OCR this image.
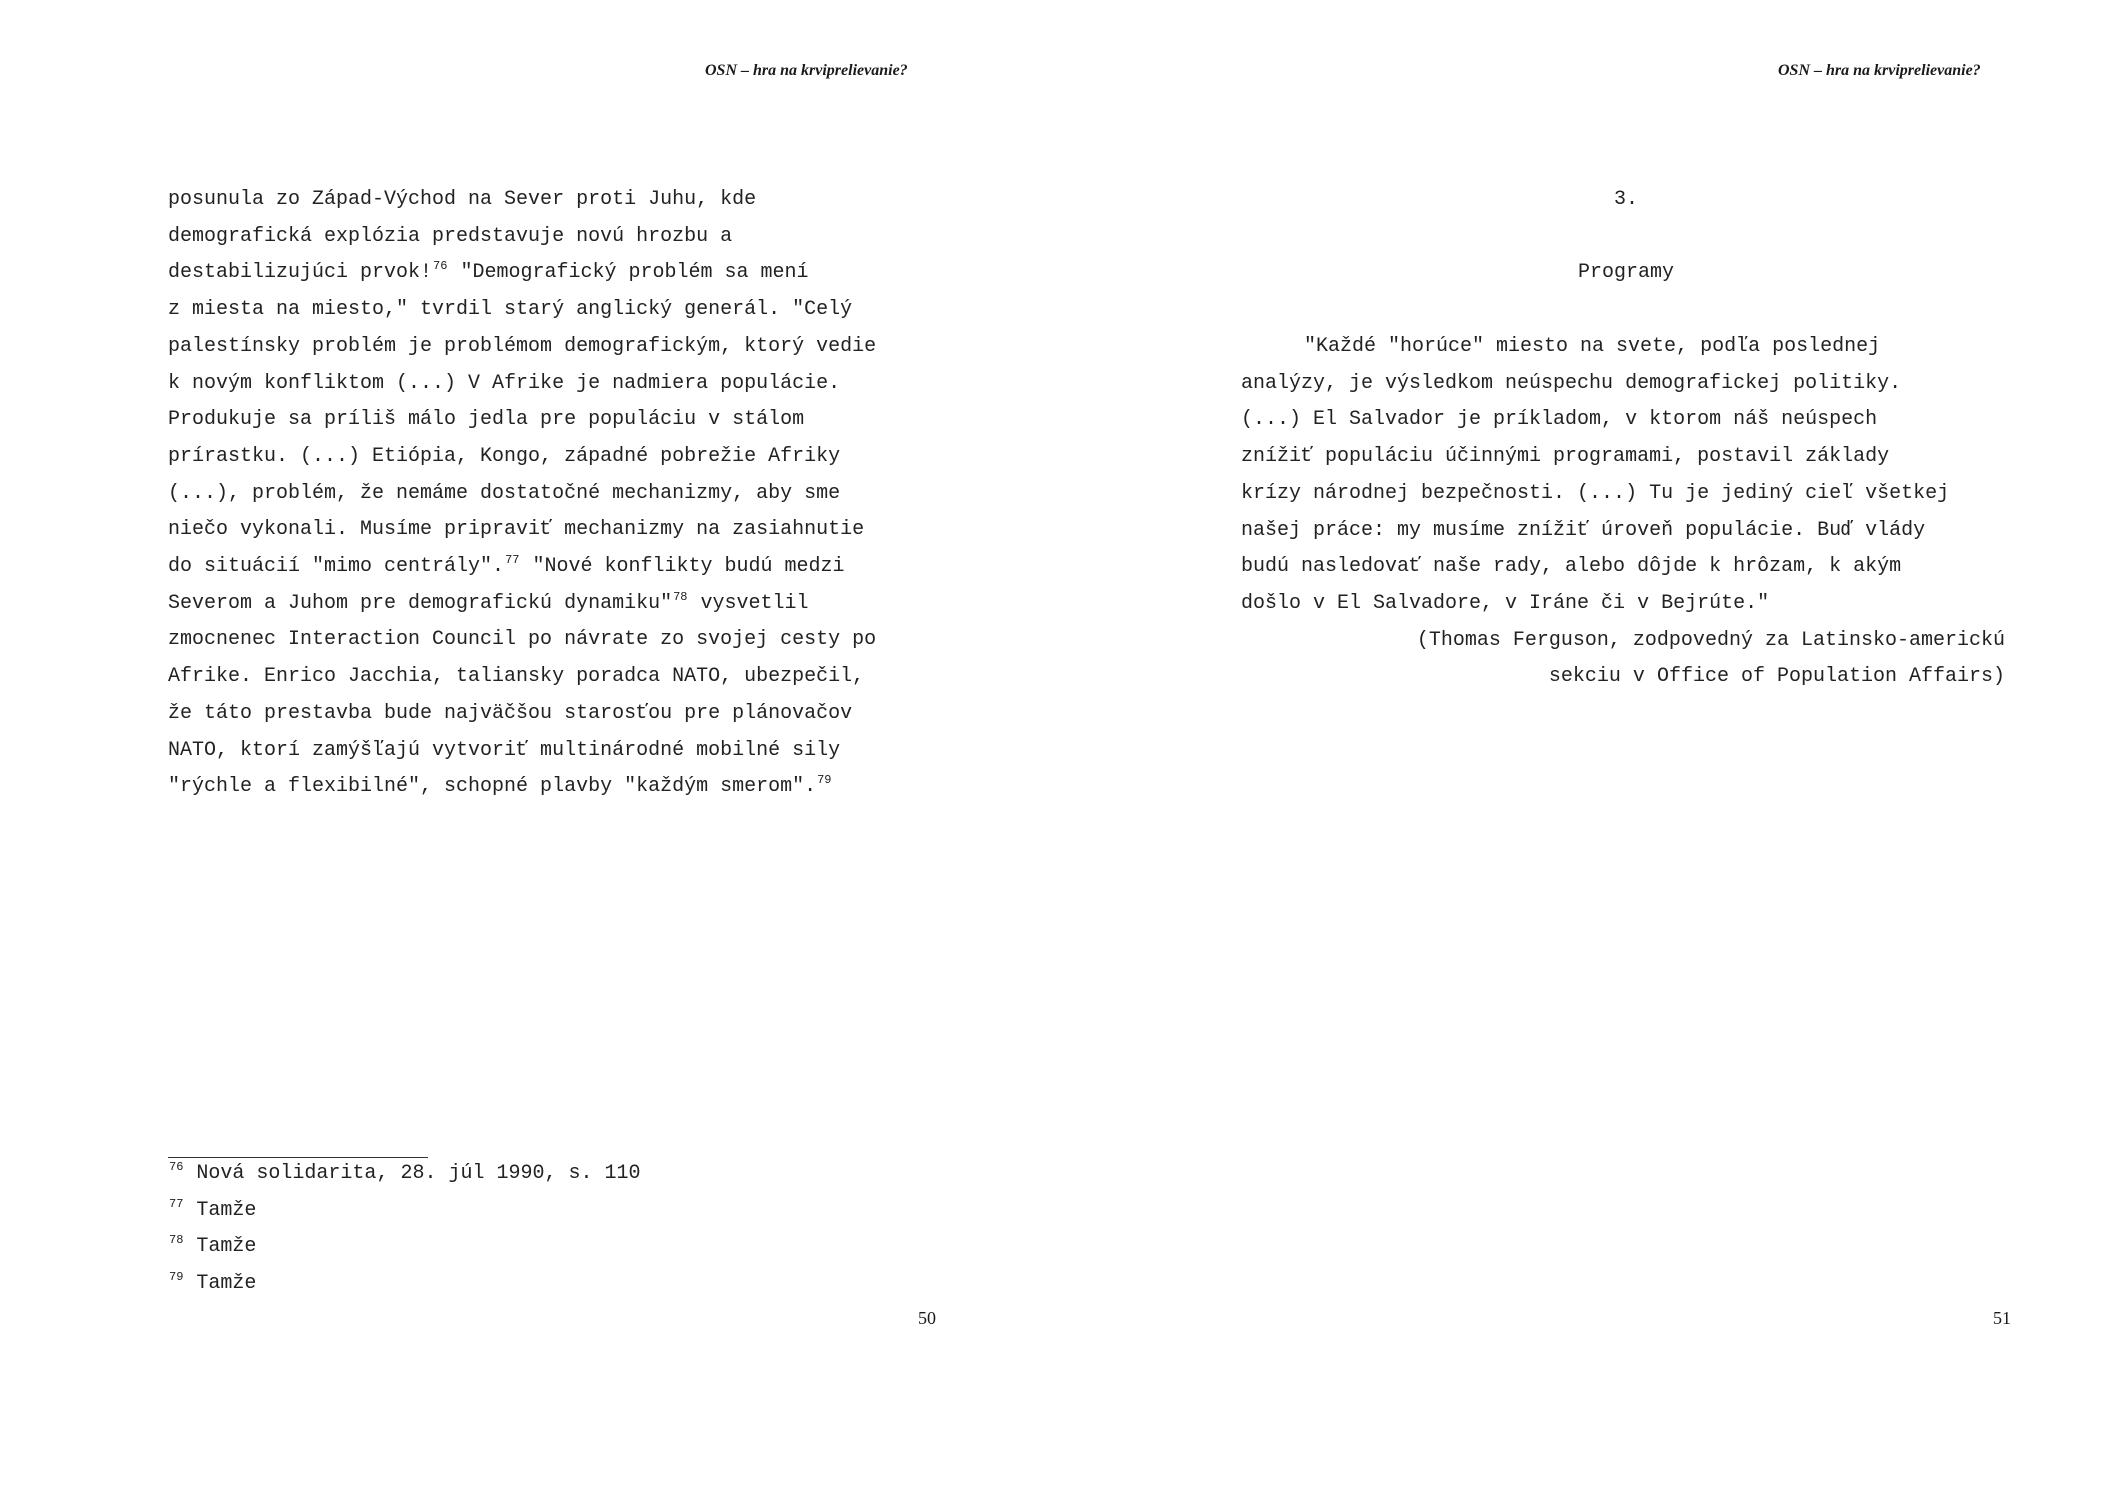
OSN – hra na krviprelievanie?
posunula zo Západ-Východ na Sever proti Juhu, kde
demografická explózia predstavuje novú hrozbu a
destabilizujúci prvok!$^{76}$ "Demografický problém sa mení
z miesta na miesto," tvrdil starý anglický generál. "Celý
palestínsky problém je problémom demografickým, ktorý vedie
k novým konfliktom (...) V Afrike je nadmiera populácie.
Produkuje sa príliš málo jedla pre populáciu v stálom
prírastku. (...) Etiópia, Kongo, západné pobrežie Afriky
(...), problém, že nemáme dostatočné mechanizmy, aby sme
niečo vykonali. Musíme pripraviť mechanizmy na zasiahnutie
do situácií "mimo centrály".$^{77}$ "Nové konflikty budú medzi
Severom a Juhom pre demografickú dynamiku"$^{78}$ vysvetlil
zmocnenec Interaction Council po návrate zo svojej cesty po
Afrike. Enrico Jacchia, taliansky poradca NATO, ubezpečil,
že táto prestavba bude najväčšou starosťou pre plánovačov
NATO, ktorí zamýšľajú vytvoriť multinárodné mobilné sily
"rýchle a flexibilné", schopné plavby "každým smerom".$^{79}$
$^{76}$ Nová solidarita, 28. júl 1990, s. 110
$^{77}$ Tamže
$^{78}$ Tamže
$^{79}$ Tamže
50
OSN – hra na krviprelievanie?
3.
Programy
"Každé "horúce" miesto na svete, podľa poslednej
analýzy, je výsledkom neúspechu demografickej politiky.
(...) El Salvador je príkladom, v ktorom náš neúspech
znížiť populáciu účinnými programami, postavil základy
krízy národnej bezpečnosti. (...) Tu je jediný cieľ všetkej
našej práce: my musíme znížiť úroveň populácie. Buď vlády
budú nasledovať naše rady, alebo dôjde k hrôzam, k akým
došlo v El Salvadore, v Iráne či v Bejrúte."
(Thomas Ferguson, zodpovedný za Latinsko-americkú
sekciu v Office of Population Affairs)
51
